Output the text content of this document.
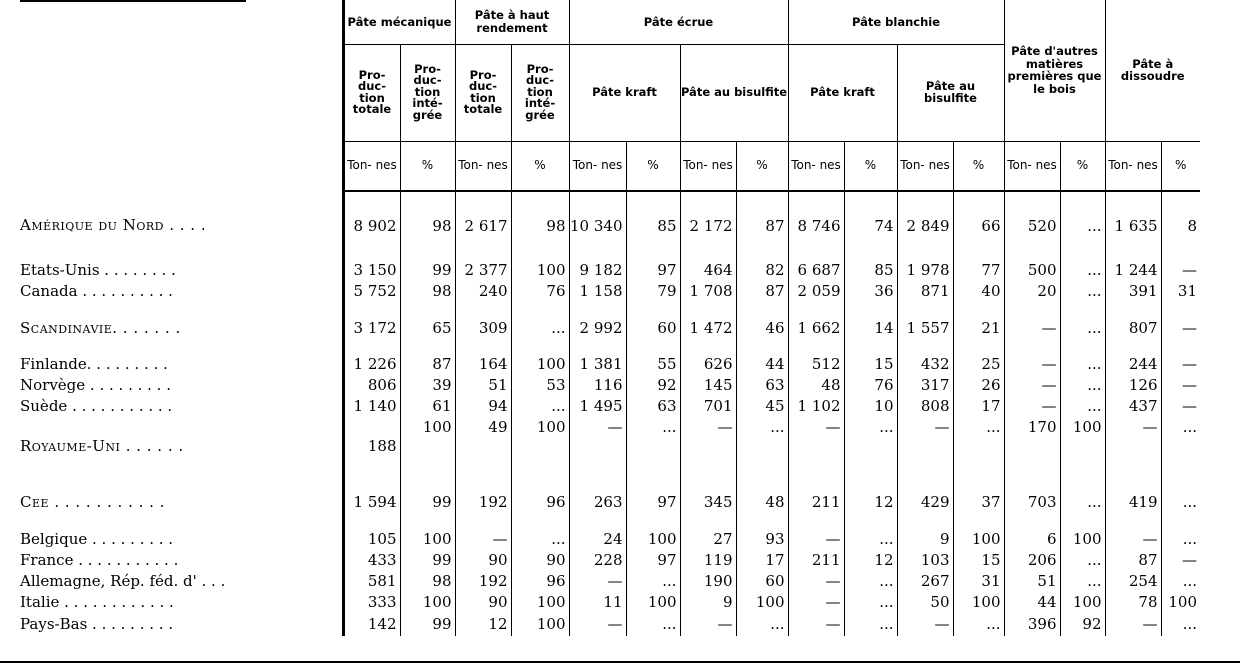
	Pâte mécanique		Pâte à haut rendement		Pâte écrue				Pâte blanchie				Pâte d'autres matières premières que le bois		Pâte à dissoudre	
	Pro- duc- tion totale	Pro- duc- tion inté- grée	Pro- duc- tion totale	Pro- duc- tion inté- grée	Pâte kraft		Pâte au bisulfite		Pâte kraft		Pâte au bisulfite					
	Ton- nes	%	Ton- nes	%	Ton- nes	%	Ton- nes	%	Ton- nes	%	Ton- nes	%	Ton- nes	%	Ton- nes	%
Amérique du Nord . . . .	8 902	98	2 617	98	10 340	85	2 172	87	8 746	74	2 849	66	520	...	1 635	8
Etats-Unis . . . . . . . .	3 150	99	2 377	100	9 182	97	464	82	6 687	85	1 978	77	500	...	1 244	—
Canada . . . . . . . . . .	5 752	98	240	76	1 158	79	1 708	87	2 059	36	871	40	20	...	391	31
Scandinavie. . . . . . .	3 172	65	309	...	2 992	60	1 472	46	1 662	14	1 557	21	—	...	807	—
Finlande. . . . . . . . .	1 226	87	164	100	1 381	55	626	44	512	15	432	25	—	...	244	—
Norvège . . . . . . . . .	806	39	51	53	116	92	145	63	48	76	317	26	—	...	126	—
Suède . . . . . . . . . . .	1 140	61	94	...	1 495	63	701	45	1 102	10	808	17	—	...	437	—
Royaume-Uni . . . . . .	188	100	49	100	—	...	—	...	—	...	—	...	170	100	—	...
Cee . . . . . . . . . . .	1 594	99	192	96	263	97	345	48	211	12	429	37	703	...	419	...
Belgique . . . . . . . . .	105	100	—	...	24	100	27	93	—	...	9	100	6	100	—	...
France . . . . . . . . . . .	433	99	90	90	228	97	119	17	211	12	103	15	206	...	87	—
Allemagne, Rép. féd. d' . . .	581	98	192	96	—	...	190	60	—	...	267	31	51	...	254	...
Italie . . . . . . . . . . . .	333	100	90	100	11	100	9	100	—	...	50	100	44	100	78	100
Pays-Bas . . . . . . . . .	142	99	12	100	—	...	—	...	—	...	—	...	396	92	—	...
